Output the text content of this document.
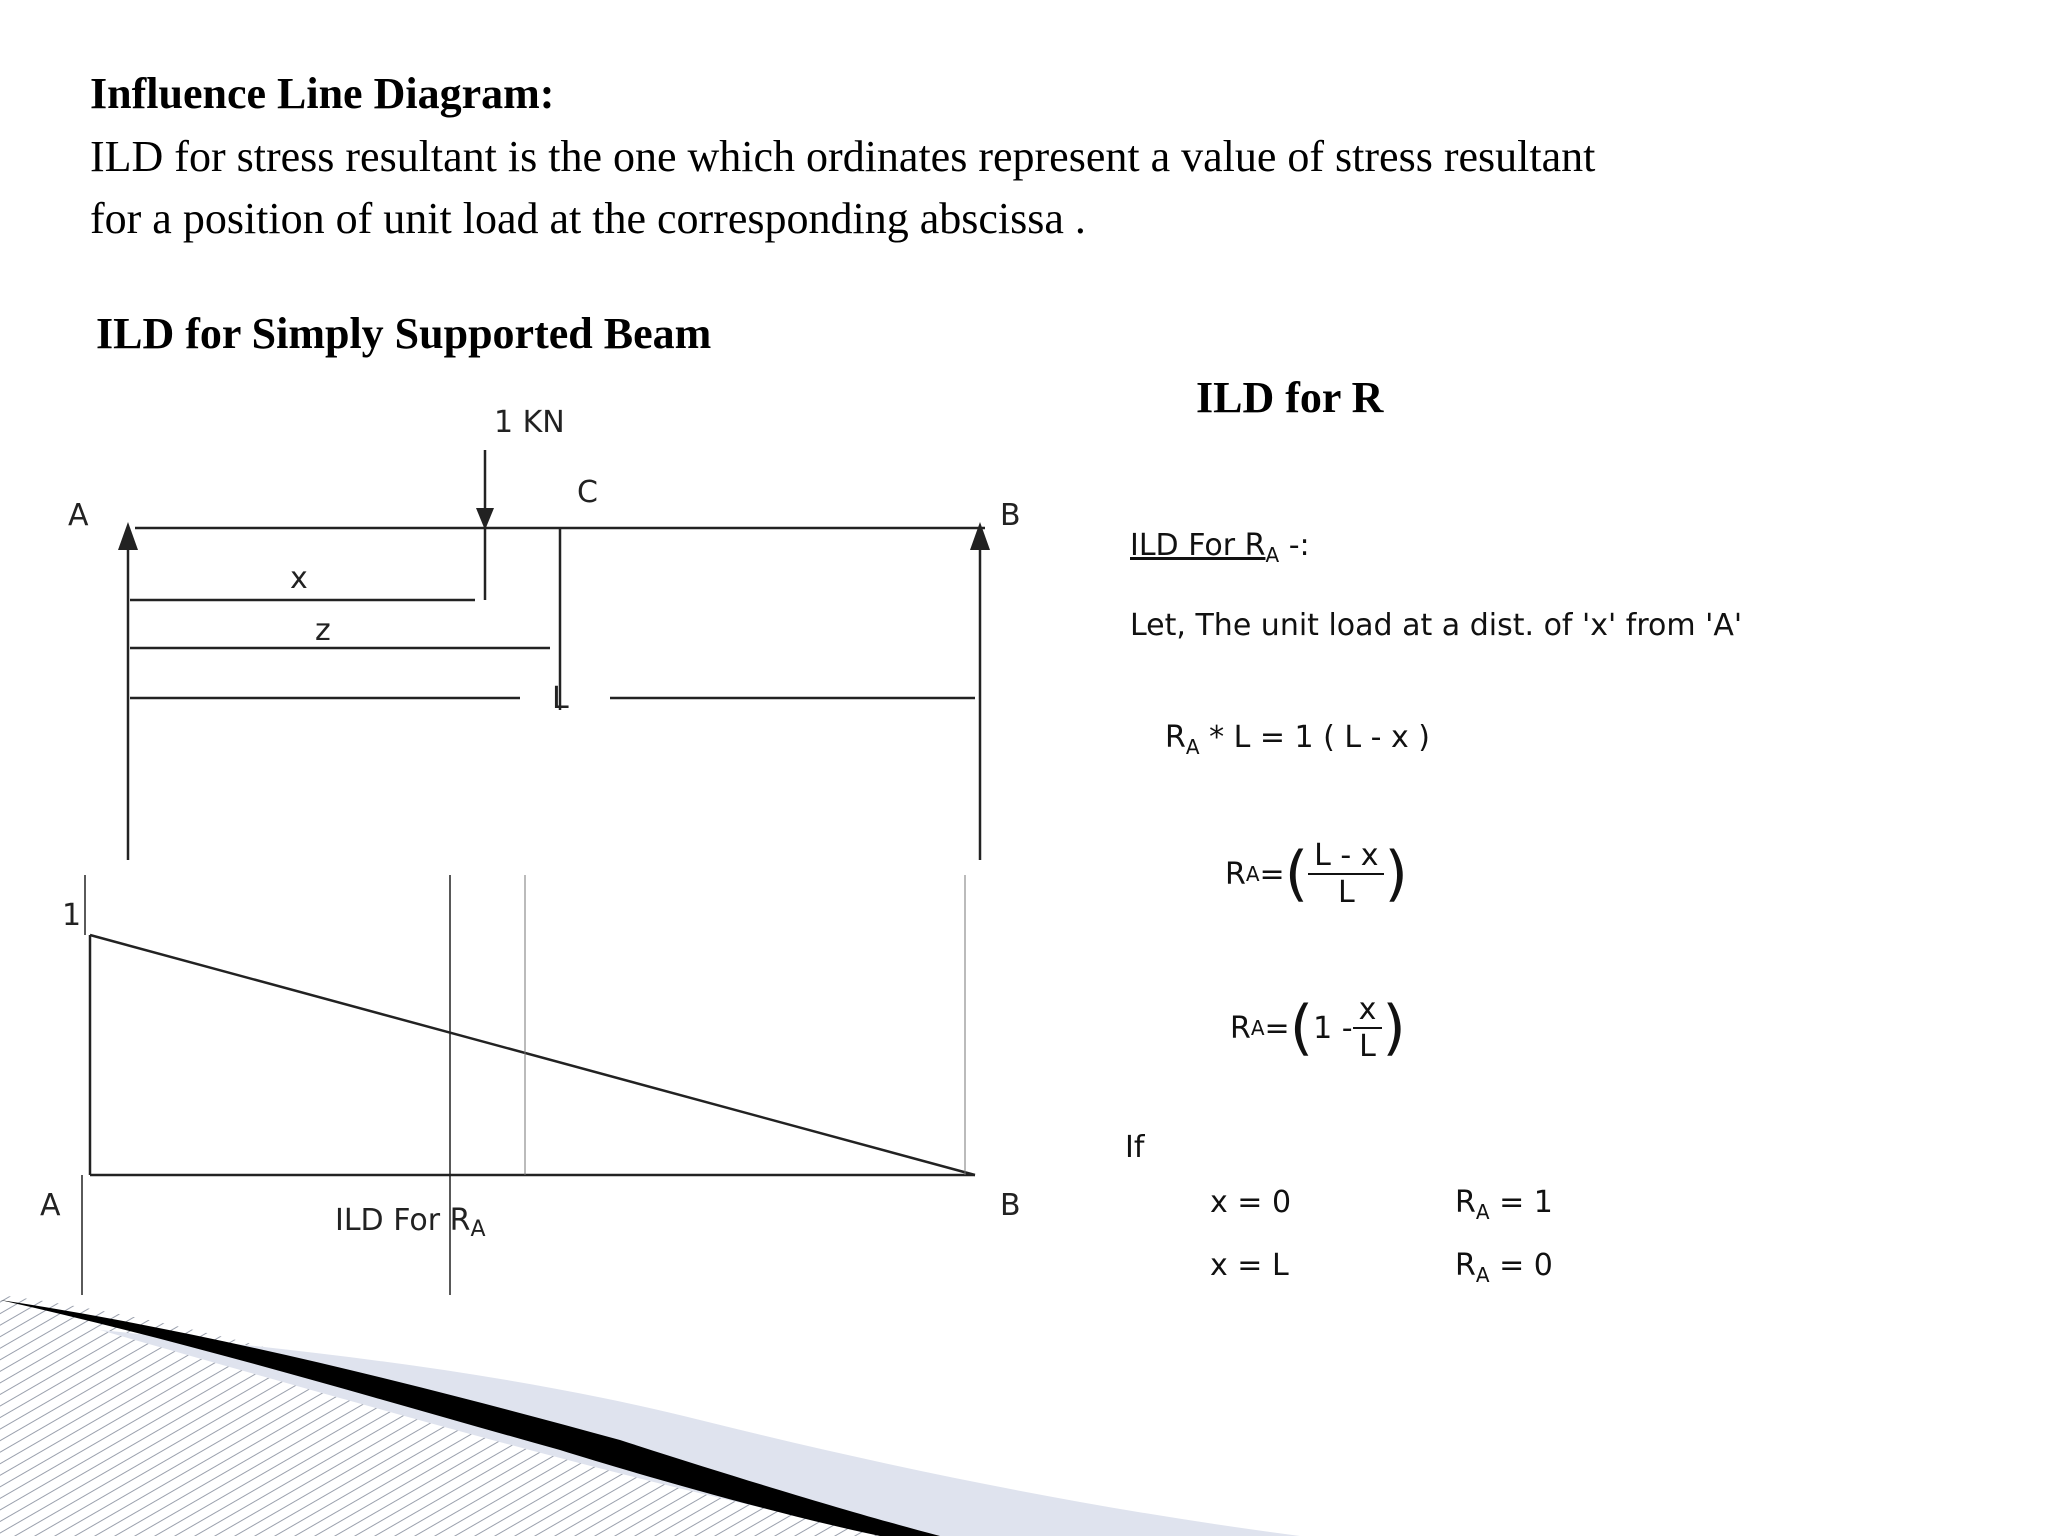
Influence Line Diagram:
ILD for stress resultant is the one which ordinates represent a value of stress resultant
for a position of unit load at the corresponding abscissa .
ILD for Simply Supported Beam
ILD for R
1 KN
A	B
C
x
z
L
1
A	B
ILD For $R_A$
ILD For $R_A$ -:
Let, The unit load at a dist. of 'x' from 'A'
$R_A * L = 1$ ( L - x )
R A = ( L - x
L )
R A = ( 1 -
x
L )
If
x = 0	$R_A = 1$
x = L	$R_A = 0$
